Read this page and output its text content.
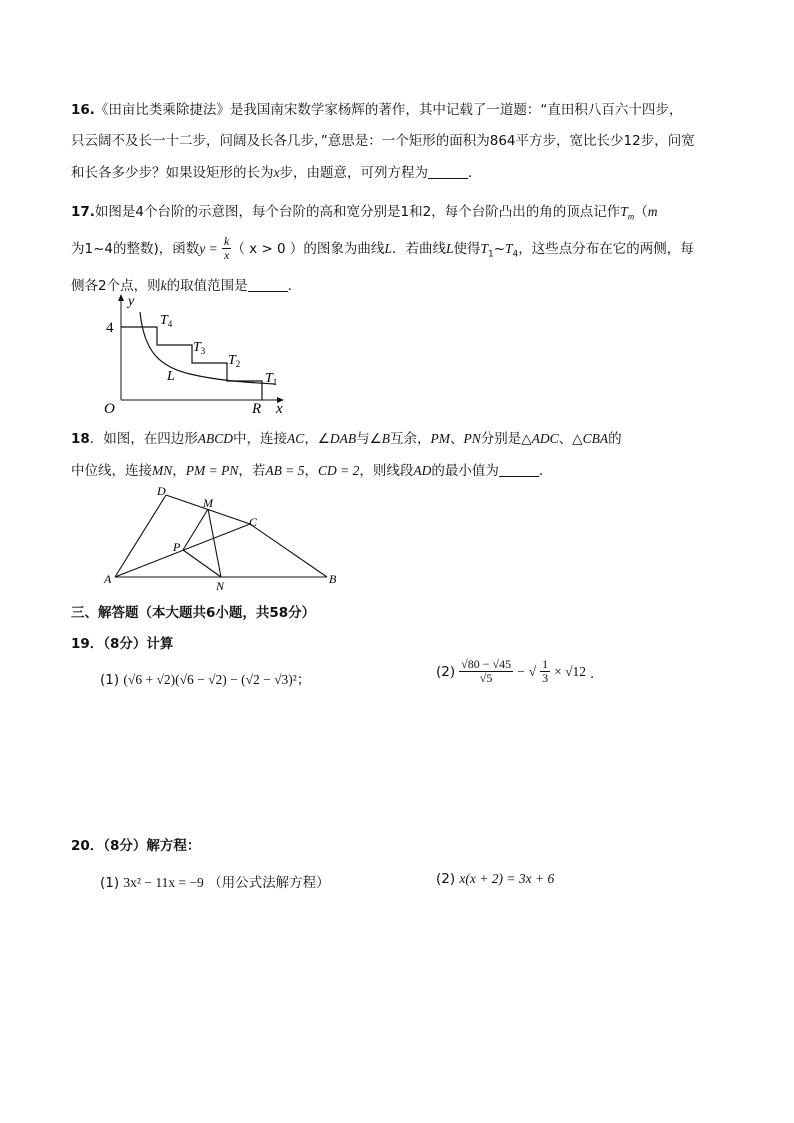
16.《田亩比类乘除捷法》是我国南宋数学家杨辉的著作，其中记载了一道题：“直田积八百六十四步，
只云阔不及长一十二步，问阔及长各几步，”意思是：一个矩形的面积为864平方步，宽比长少12步，问宽
和长各多少步？如果设矩形的长为x步，由题意，可列方程为	．
17.如图是4个台阶的示意图，每个台阶的高和宽分别是1和2，每个台阶凸出的角的顶点记作$T_m(m$
为1~4的整数)，函数$y = \frac{k}{x}$ （ x > 0 ）的图象为曲线L．若曲线L使得$T_1\sim T_4$，这些点分布在它的两侧，每
侧各2个点，则k的取值范围是	．
y
4	$T_4$
$T_3$
$T_2$
$T_1$
L
O	R x
18．如图，在四边形ABCD中，连接AC，∠DAB与∠B互余，PM、PN分别是△ADC、△CBA的
中位线，连接MN，PM = PN，若AB = 5，CD = 2，则线段AD的最小值为	．
D
M
C
P
A	N	B
三、解答题（本大题共6小题，共58分）
19．（8分）计算
(1) (√6 + √2)(√6 − √2) − (√2 − √3)²；
$(2) \frac{√80 - √45}{√5}$ − √ $\frac{1}{3} \times √12$ ．
20．（8分）解方程：
(1) 3x² − 11x = −9 （用公式法解方程）	(2) x(x + 2) = 3x + 6
